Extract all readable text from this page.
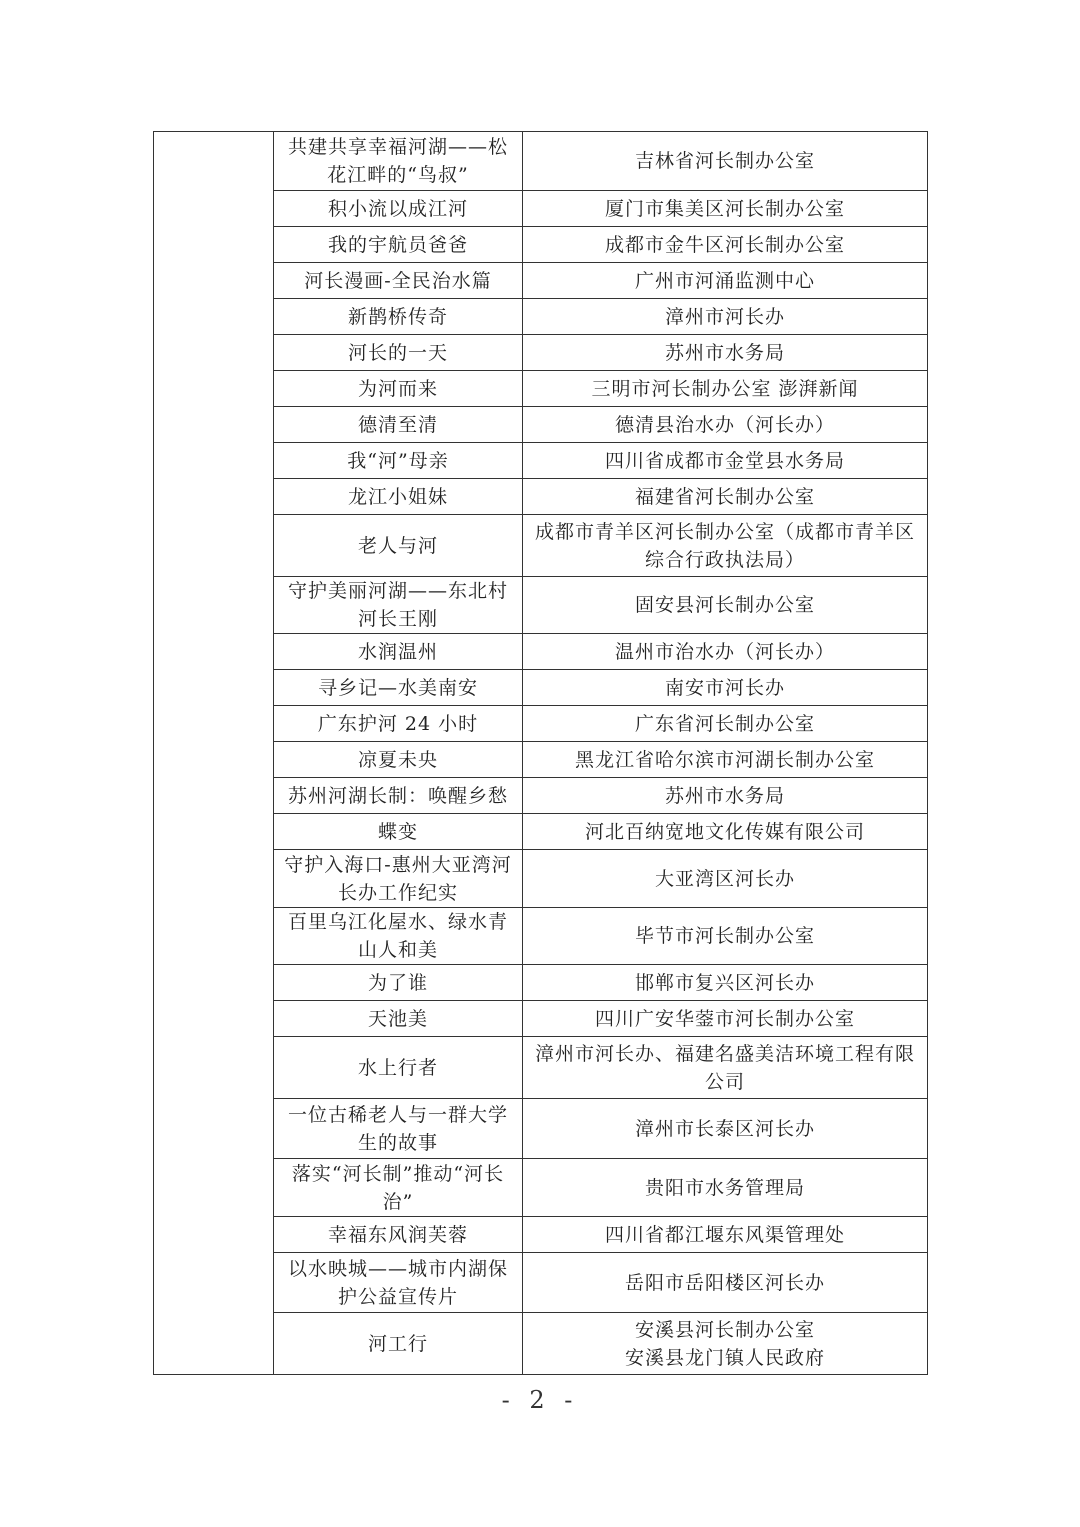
	共建共享幸福河湖——松花江畔的“鸟叔”	吉林省河长制办公室
	积小流以成江河	厦门市集美区河长制办公室
	我的宇航员爸爸	成都市金牛区河长制办公室
	河长漫画-全民治水篇	广州市河涌监测中心
	新鹊桥传奇	漳州市河长办
	河长的一天	苏州市水务局
	为河而来	三明市河长制办公室 澎湃新闻
	德清至清	德清县治水办（河长办）
	我“河”母亲	四川省成都市金堂县水务局
	龙江小姐妹	福建省河长制办公室
	老人与河	成都市青羊区河长制办公室（成都市青羊区综合行政执法局）
	守护美丽河湖——东北村河长王刚	固安县河长制办公室
	水润温州	温州市治水办（河长办）
	寻乡记—水美南安	南安市河长办
	广东护河 24 小时	广东省河长制办公室
	凉夏未央	黑龙江省哈尔滨市河湖长制办公室
	苏州河湖长制：唤醒乡愁	苏州市水务局
	蝶变	河北百纳宽地文化传媒有限公司
	守护入海口-惠州大亚湾河长办工作纪实	大亚湾区河长办
	百里乌江化屋水、绿水青山人和美	毕节市河长制办公室
	为了谁	邯郸市复兴区河长办
	天池美	四川广安华蓥市河长制办公室
	水上行者	漳州市河长办、福建名盛美洁环境工程有限公司
	一位古稀老人与一群大学生的故事	漳州市长泰区河长办
	落实“河长制”推动“河长治”	贵阳市水务管理局
	幸福东风润芙蓉	四川省都江堰东风渠管理处
	以水映城——城市内湖保护公益宣传片	岳阳市岳阳楼区河长办
	河工行	安溪县河长制办公室
安溪县龙门镇人民政府
- 2 -
